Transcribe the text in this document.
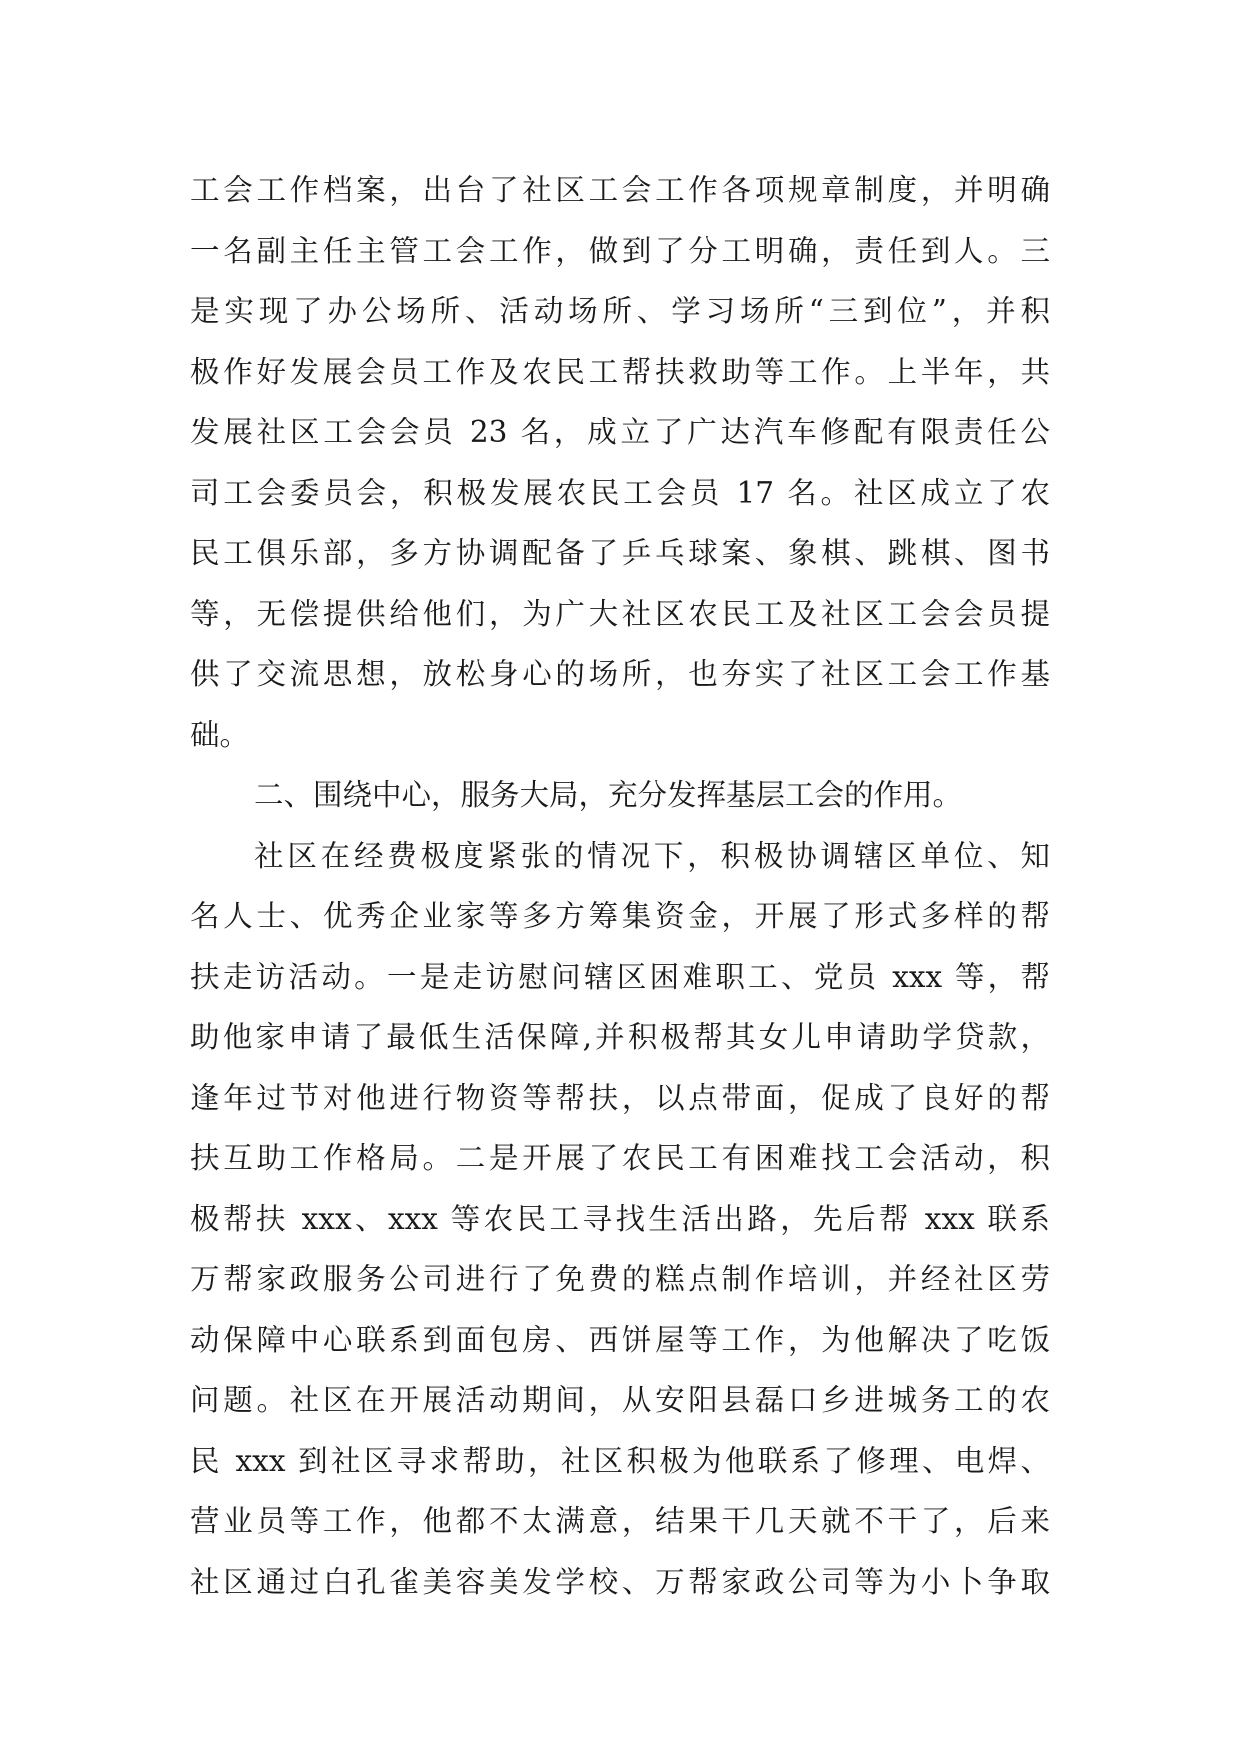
工会工作档案，出台了社区工会工作各项规章制度，并明确
一名副主任主管工会工作，做到了分工明确，责任到人。三
是实现了办公场所、活动场所、学习场所“三到位”，并积
极作好发展会员工作及农民工帮扶救助等工作。上半年，共
发展社区工会会员 23 名，成立了广达汽车修配有限责任公
司工会委员会，积极发展农民工会员 17 名。社区成立了农
民工俱乐部，多方协调配备了乒乓球案、象棋、跳棋、图书
等，无偿提供给他们，为广大社区农民工及社区工会会员提
供了交流思想，放松身心的场所，也夯实了社区工会工作基
础。
二、围绕中心，服务大局，充分发挥基层工会的作用。
社区在经费极度紧张的情况下，积极协调辖区单位、知
名人士、优秀企业家等多方筹集资金，开展了形式多样的帮
扶走访活动。一是走访慰问辖区困难职工、党员 xxx 等，帮
助他家申请了最低生活保障,并积极帮其女儿申请助学贷款，
逢年过节对他进行物资等帮扶，以点带面，促成了良好的帮
扶互助工作格局。二是开展了农民工有困难找工会活动，积
极帮扶 xxx、xxx 等农民工寻找生活出路，先后帮 xxx 联系
万帮家政服务公司进行了免费的糕点制作培训，并经社区劳
动保障中心联系到面包房、西饼屋等工作，为他解决了吃饭
问题。社区在开展活动期间，从安阳县磊口乡进城务工的农
民 xxx 到社区寻求帮助，社区积极为他联系了修理、电焊、
营业员等工作，他都不太满意，结果干几天就不干了，后来
社区通过白孔雀美容美发学校、万帮家政公司等为小卜争取
